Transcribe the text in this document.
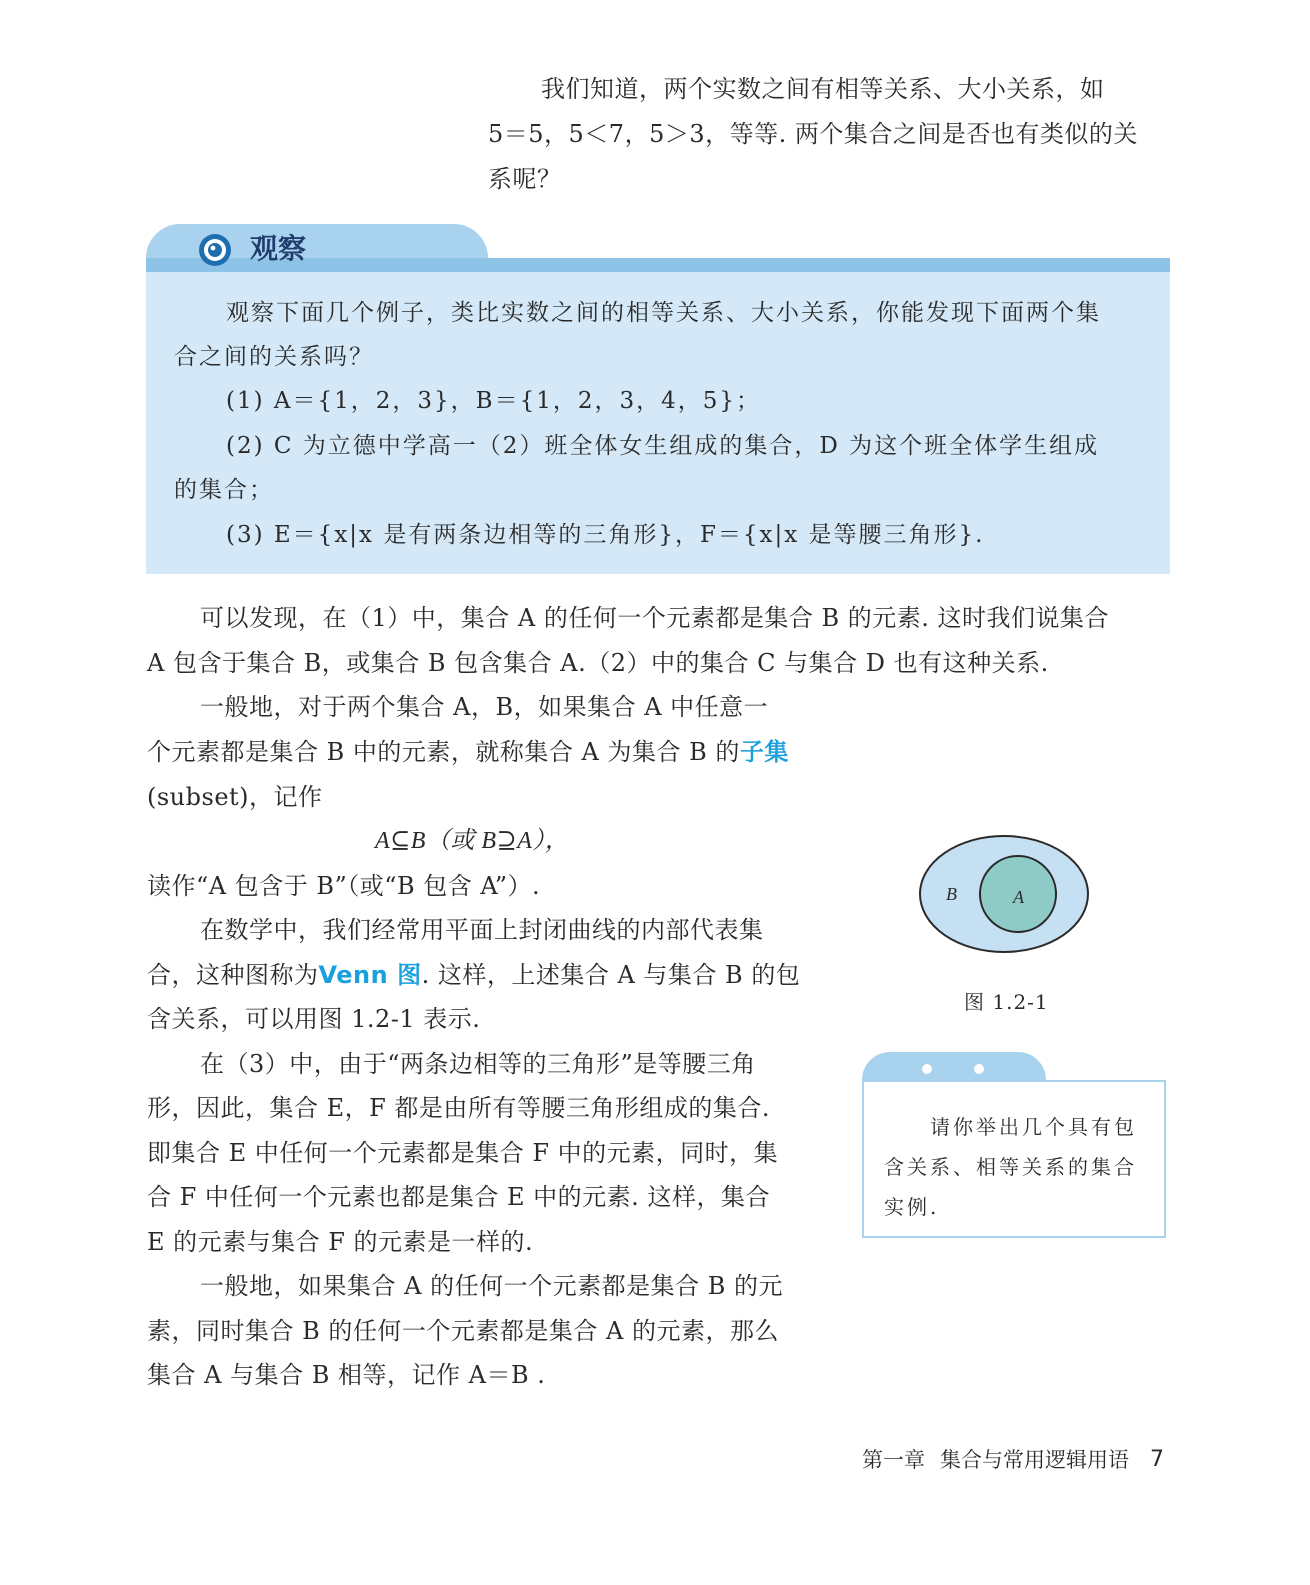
我们知道，两个实数之间有相等关系、大小关系，如
5＝5，5＜7，5＞3，等等. 两个集合之间是否也有类似的关
系呢？
观察
观察下面几个例子，类比实数之间的相等关系、大小关系，你能发现下面两个集
合之间的关系吗？
(1) A＝{1，2，3}，B＝{1，2，3，4，5}；
(2) C 为立德中学高一（2）班全体女生组成的集合，D 为这个班全体学生组成
的集合；
(3) E＝{x|x 是有两条边相等的三角形}，F＝{x|x 是等腰三角形}.
可以发现，在（1）中，集合 A 的任何一个元素都是集合 B 的元素. 这时我们说集合
A 包含于集合 B，或集合 B 包含集合 A.（2）中的集合 C 与集合 D 也有这种关系.
一般地，对于两个集合 A，B，如果集合 A 中任意一
个元素都是集合 B 中的元素，就称集合 A 为集合 B 的子集
(subset)，记作
A⊆B（或 B⊇A），
读作“A 包含于 B”（或“B 包含 A”）.
在数学中，我们经常用平面上封闭曲线的内部代表集
合，这种图称为Venn 图. 这样，上述集合 A 与集合 B 的包
含关系，可以用图 1.2-1 表示.
在（3）中，由于“两条边相等的三角形”是等腰三角
形，因此，集合 E，F 都是由所有等腰三角形组成的集合.
即集合 E 中任何一个元素都是集合 F 中的元素，同时，集
合 F 中任何一个元素也都是集合 E 中的元素. 这样，集合
E 的元素与集合 F 的元素是一样的.
一般地，如果集合 A 的任何一个元素都是集合 B 的元
素，同时集合 B 的任何一个元素都是集合 A 的元素，那么
集合 A 与集合 B 相等，记作 A＝B .
B	A
图 1.2-1
请你举出几个具有包
含关系、相等关系的集合
实例.
第一章 集合与常用逻辑用语 7
